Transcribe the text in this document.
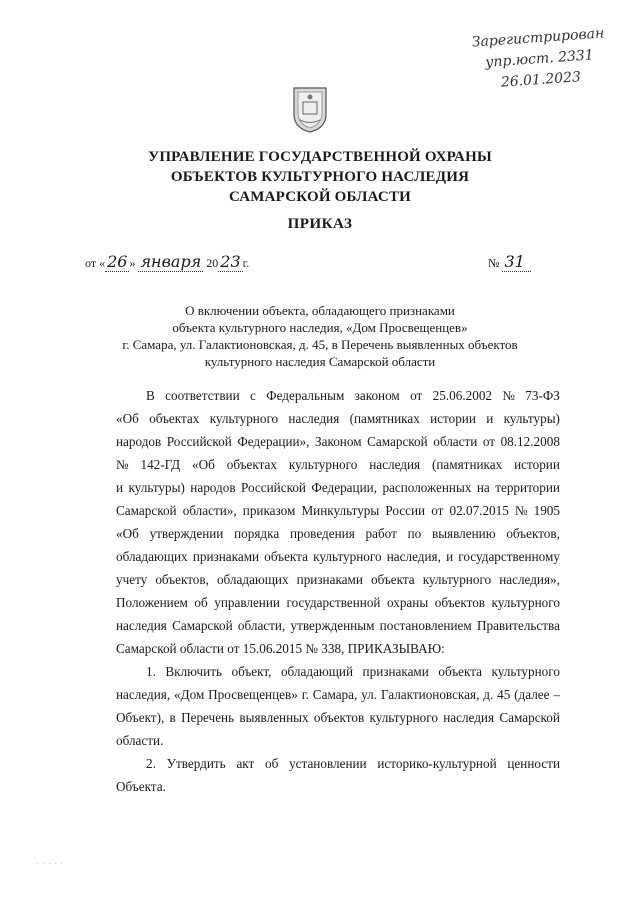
Зарегистрирован
упр.юст. 2331
26.01.2023
УПРАВЛЕНИЕ ГОСУДАРСТВЕННОЙ ОХРАНЫ
ОБЪЕКТОВ КУЛЬТУРНОГО НАСЛЕДИЯ
САМАРСКОЙ ОБЛАСТИ
ПРИКАЗ
от « 26 » января 20 23 г.	№ 31
О включении объекта, обладающего признаками
объекта культурного наследия, «Дом Просвещенцев»
г. Самара, ул. Галактионовская, д. 45, в Перечень выявленных объектов
культурного наследия Самарской области
В соответствии с Федеральным законом от 25.06.2002 № 73-ФЗ
«Об объектах культурного наследия (памятниках истории и культуры)
народов Российской Федерации», Законом Самарской области от 08.12.2008
№ 142-ГД «Об объектах культурного наследия (памятниках истории
и культуры) народов Российской Федерации, расположенных на территории
Самарской области», приказом Минкультуры России от 02.07.2015 № 1905
«Об утверждении порядка проведения работ по выявлению объектов,
обладающих признаками объекта культурного наследия, и государственному
учету объектов, обладающих признаками объекта культурного наследия»,
Положением об управлении государственной охраны объектов культурного
наследия Самарской области, утвержденным постановлением Правительства
Самарской области от 15.06.2015 № 338, ПРИКАЗЫВАЮ:
1. Включить объект, обладающий признаками объекта культурного
наследия, «Дом Просвещенцев» г. Самара, ул. Галактионовская, д. 45 (далее –
Объект), в Перечень выявленных объектов культурного наследия Самарской
области.
2. Утвердить акт об установлении историко-культурной ценности
Объекта.
· · · · ·
